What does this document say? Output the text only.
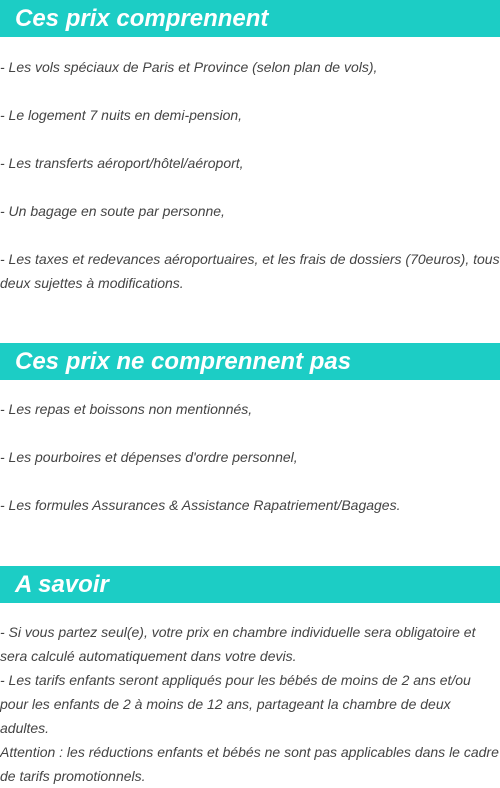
Ces prix comprennent

- Les vols spéciaux de Paris et Province (selon plan de vols),

- Le logement 7 nuits en demi-pension,

- Les transferts aéroport/hôtel/aéroport,

- Un bagage en soute par personne,

- Les taxes et redevances aéroportuaires, et les frais de dossiers (70euros), tous deux sujettes à modifications.

Ces prix ne comprennent pas

- Les repas et boissons non mentionnés,

- Les pourboires et dépenses d'ordre personnel,

- Les formules Assurances & Assistance Rapatriement/Bagages.

A savoir

- Si vous partez seul(e), votre prix en chambre individuelle sera obligatoire et sera calculé automatiquement dans votre devis.

- Les tarifs enfants seront appliqués pour les bébés de moins de 2 ans et/ou pour les enfants de 2 à moins de 12 ans, partageant la chambre de deux adultes.

Attention : les réductions enfants et bébés ne sont pas applicables dans le cadre de tarifs promotionnels.
